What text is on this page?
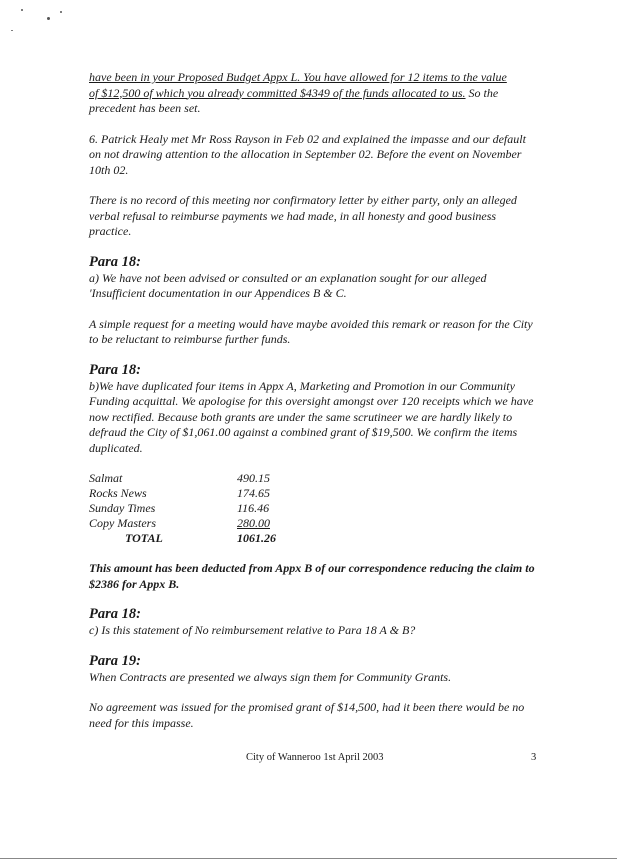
have been in your Proposed Budget Appx L. You have allowed for 12 items to the value
of $12,500 of which you already committed $4349 of the funds allocated to us. So the precedent has been set.

6. Patrick Healy met Mr Ross Rayson in Feb 02 and explained the impasse and our default on not drawing attention to the allocation in September 02. Before the event on November 10th 02.

There is no record of this meeting nor confirmatory letter by either party, only an alleged verbal refusal to reimburse payments we had made, in all honesty and good business practice.

Para 18:

a) We have not been advised or consulted or an explanation sought for our alleged 'Insufficient documentation in our Appendices B & C.

A simple request for a meeting would have maybe avoided this remark or reason for the City to be reluctant to reimburse further funds.

Para 18:

b)We have duplicated four items in Appx A, Marketing and Promotion in our Community Funding acquittal. We apologise for this oversight amongst over 120 receipts which we have now rectified. Because both grants are under the same scrutineer we are hardly likely to defraud the City of $1,061.00 against a combined grant of $19,500. We confirm the items duplicated.

Salmat	490.15
Rocks News	174.65
Sunday Times	116.46
Copy Masters	280.00
TOTAL	1061.26

This amount has been deducted from Appx B of our correspondence reducing the claim to $2386 for Appx B.

Para 18:

c) Is this statement of No reimbursement relative to Para 18 A & B?

Para 19:

When Contracts are presented we always sign them for Community Grants.

No agreement was issued for the promised grant of $14,500, had it been there would be no need for this impasse.

City of Wanneroo 1st April 2003	3
